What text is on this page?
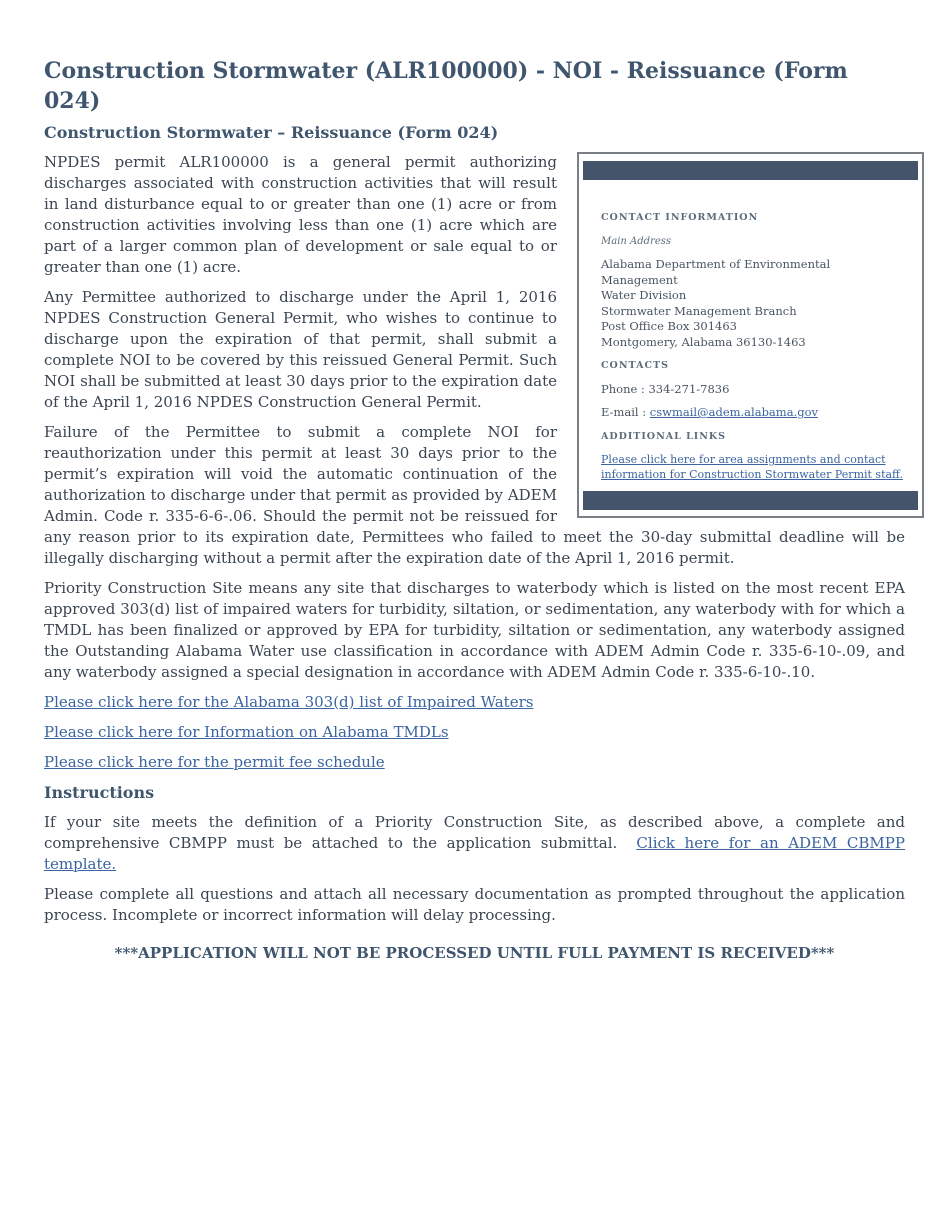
Construction Stormwater (ALR100000) - NOI - Reissuance (Form 024)
Construction Stormwater – Reissuance (Form 024)
CONTACT INFORMATION
Main Address
Alabama Department of Environmental Management
Water Division
Stormwater Management Branch
Post Office Box 301463
Montgomery, Alabama 36130-1463
CONTACTS
Phone : 334-271-7836
E-mail : cswmail@adem.alabama.gov
ADDITIONAL LINKS
Please click here for area assignments and contact information for Construction Stormwater Permit staff.

NPDES permit ALR100000 is a general permit authorizing discharges associated with construction activities that will result in land disturbance equal to or greater than one (1) acre or from construction activities involving less than one (1) acre which are part of a larger common plan of development or sale equal to or greater than one (1) acre.

Any Permittee authorized to discharge under the April 1, 2016 NPDES Construction General Permit, who wishes to continue to discharge upon the expiration of that permit, shall submit a complete NOI to be covered by this reissued General Permit. Such NOI shall be submitted at least 30 days prior to the expiration date of the April 1, 2016 NPDES Construction General Permit.

Failure of the Permittee to submit a complete NOI for reauthorization under this permit at least 30 days prior to the permit’s expiration will void the automatic continuation of the authorization to discharge under that permit as provided by ADEM Admin. Code r. 335-6-6-.06. Should the permit not be reissued for any reason prior to its expiration date, Permittees who failed to meet the 30-day submittal deadline will be illegally discharging without a permit after the expiration date of the April 1, 2016 permit.

Priority Construction Site means any site that discharges to waterbody which is listed on the most recent EPA approved 303(d) list of impaired waters for turbidity, siltation, or sedimentation, any waterbody with for which a TMDL has been finalized or approved by EPA for turbidity, siltation or sedimentation, any waterbody assigned the Outstanding Alabama Water use classification in accordance with ADEM Admin Code r. 335-6-10-.09, and any waterbody assigned a special designation in accordance with ADEM Admin Code r. 335-6-10-.10.

Please click here for the Alabama 303(d) list of Impaired Waters

Please click here for Information on Alabama TMDLs

Please click here for the permit fee schedule

Instructions

If your site meets the definition of a Priority Construction Site, as described above, a complete and comprehensive CBMPP must be attached to the application submittal. Click here for an ADEM CBMPP template.

Please complete all questions and attach all necessary documentation as prompted throughout the application process. Incomplete or incorrect information will delay processing.

***APPLICATION WILL NOT BE PROCESSED UNTIL FULL PAYMENT IS RECEIVED***
